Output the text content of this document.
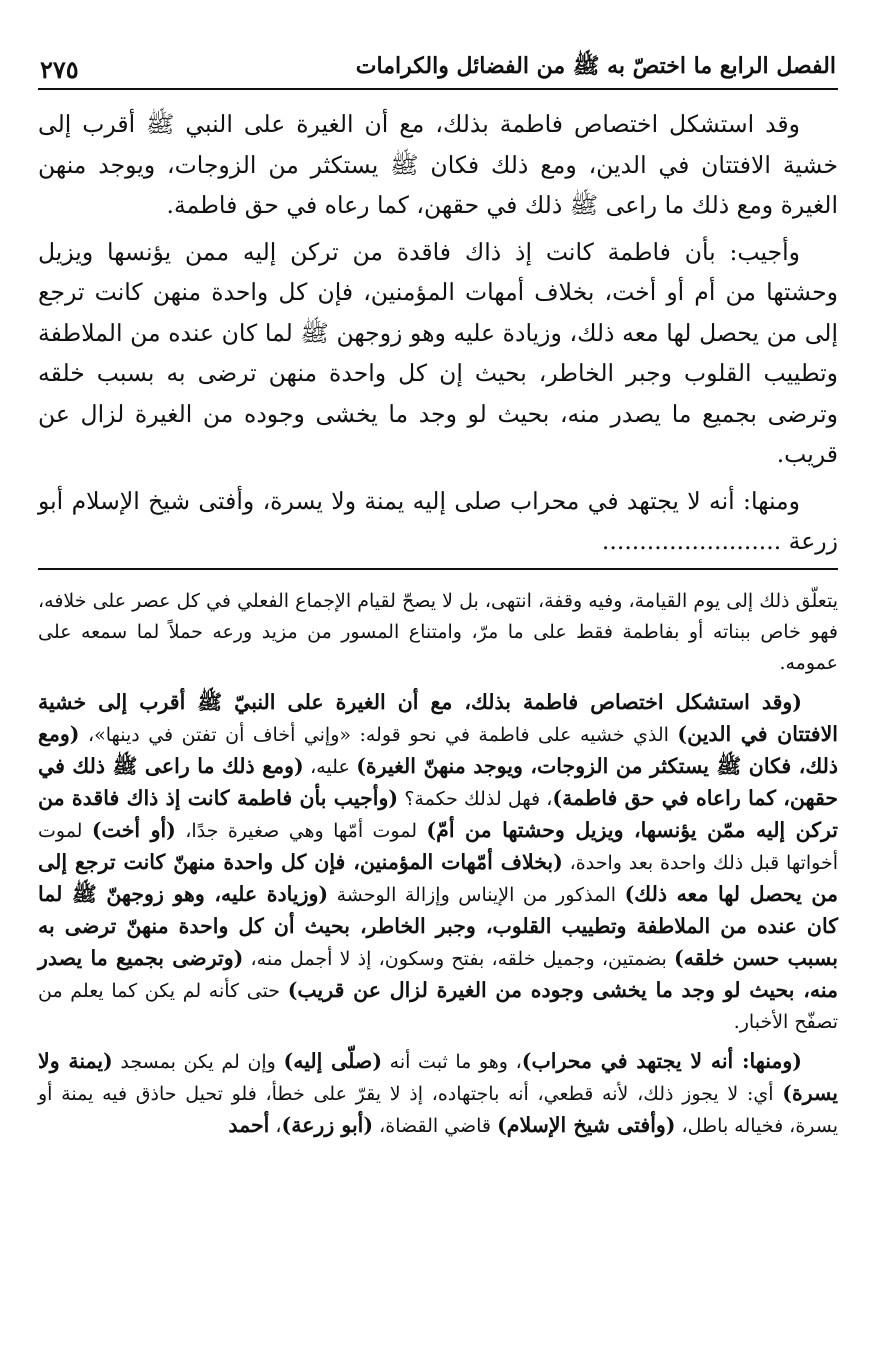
الفصل الرابع ما اختصّ به ﷺ من الفضائل والكرامات
٢٧٥

وقد استشكل اختصاص فاطمة بذلك، مع أن الغيرة على النبي ﷺ أقرب إلى خشية الافتتان في الدين، ومع ذلك فكان ﷺ يستكثر من الزوجات، ويوجد منهن الغيرة ومع ذلك ما راعى ﷺ ذلك في حقهن، كما رعاه في حق فاطمة.

وأجيب: بأن فاطمة كانت إذ ذاك فاقدة من تركن إليه ممن يؤنسها ويزيل وحشتها من أم أو أخت، بخلاف أمهات المؤمنين، فإن كل واحدة منهن كانت ترجع إلى من يحصل لها معه ذلك، وزيادة عليه وهو زوجهن ﷺ لما كان عنده من الملاطفة وتطييب القلوب وجبر الخاطر، بحيث إن كل واحدة منهن ترضى به بسبب خلقه وترضى بجميع ما يصدر منه، بحيث لو وجد ما يخشى وجوده من الغيرة لزال عن قريب.

ومنها: أنه لا يجتهد في محراب صلى إليه يمنة ولا يسرة، وأفتى شيخ الإسلام أبو زرعة ........................

يتعلّق ذلك إلى يوم القيامة، وفيه وقفة، انتهى، بل لا يصحّ لقيام الإجماع الفعلي في كل عصر على خلافه، فهو خاص ببناته أو بفاطمة فقط على ما مرّ، وامتناع المسور من مزيد ورعه حملاً لما سمعه على عمومه.

(وقد استشكل اختصاص فاطمة بذلك، مع أن الغيرة على النبيّ ﷺ أقرب إلى خشية الافتتان في الدين) الذي خشيه على فاطمة في نحو قوله: «وإني أخاف أن تفتن في دينها»، (ومع ذلك، فكان ﷺ يستكثر من الزوجات، ويوجد منهنّ الغيرة) عليه، (ومع ذلك ما راعى ﷺ ذلك في حقهن، كما راعاه في حق فاطمة)، فهل لذلك حكمة؟ (وأجيب بأن فاطمة كانت إذ ذاك فاقدة من تركن إليه ممّن يؤنسها، ويزيل وحشتها من أمّ) لموت أمّها وهي صغيرة جدًا، (أو أخت) لموت أخواتها قبل ذلك واحدة بعد واحدة، (بخلاف أمّهات المؤمنين، فإن كل واحدة منهنّ كانت ترجع إلى من يحصل لها معه ذلك) المذكور من الإيناس وإزالة الوحشة (وزيادة عليه، وهو زوجهنّ ﷺ لما كان عنده من الملاطفة وتطييب القلوب، وجبر الخاطر، بحيث أن كل واحدة منهنّ ترضى به بسبب حسن خلقه) بضمتين، وجميل خلقه، بفتح وسكون، إذ لا أجمل منه، (وترضى بجميع ما يصدر منه، بحيث لو وجد ما يخشى وجوده من الغيرة لزال عن قريب) حتى كأنه لم يكن كما يعلم من تصفّح الأخبار.

(ومنها: أنه لا يجتهد في محراب)، وهو ما ثبت أنه (صلّى إليه) وإن لم يكن بمسجد (يمنة ولا يسرة) أي: لا يجوز ذلك، لأنه قطعي، أنه باجتهاده، إذ لا يقرّ على خطأ، فلو تحيل حاذق فيه يمنة أو يسرة، فخياله باطل، (وأفتى شيخ الإسلام) قاضي القضاة، (أبو زرعة)، أحمد
